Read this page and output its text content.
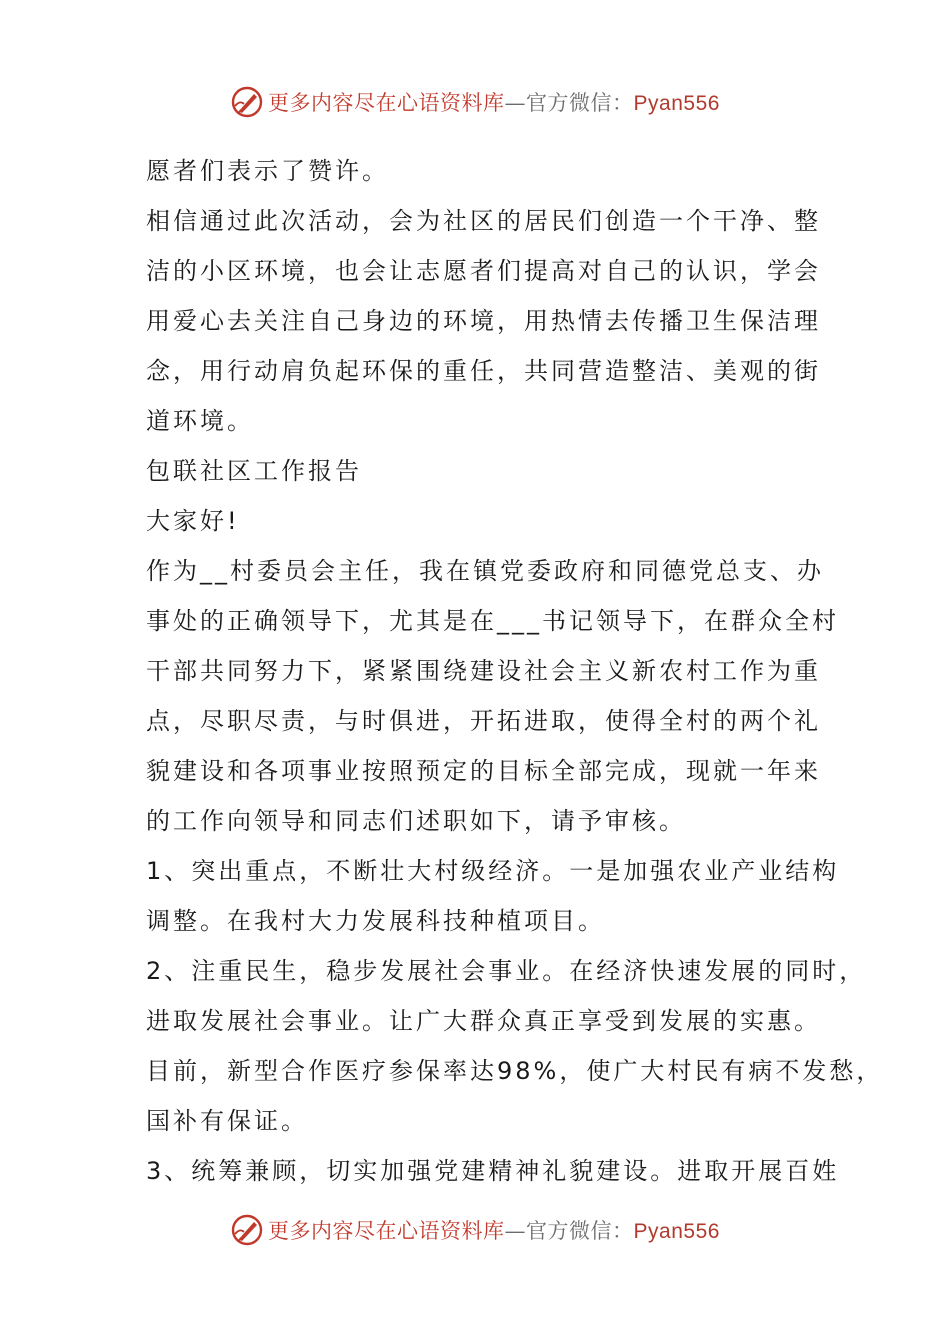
更多内容尽在心语资料库—官方微信：Pyan556
愿者们表示了赞许。
相信通过此次活动，会为社区的居民们创造一个干净、整
洁的小区环境，也会让志愿者们提高对自己的认识，学会
用爱心去关注自己身边的环境，用热情去传播卫生保洁理
念，用行动肩负起环保的重任，共同营造整洁、美观的街
道环境。
包联社区工作报告
大家好!
作为__村委员会主任，我在镇党委政府和同德党总支、办
事处的正确领导下，尤其是在___书记领导下，在群众全村
干部共同努力下，紧紧围绕建设社会主义新农村工作为重
点，尽职尽责，与时俱进，开拓进取，使得全村的两个礼
貌建设和各项事业按照预定的目标全部完成，现就一年来
的工作向领导和同志们述职如下，请予审核。
1、突出重点，不断壮大村级经济。一是加强农业产业结构
调整。在我村大力发展科技种植项目。
2、注重民生，稳步发展社会事业。在经济快速发展的同时，
进取发展社会事业。让广大群众真正享受到发展的实惠。
目前，新型合作医疗参保率达98%，使广大村民有病不发愁，
国补有保证。
3、统筹兼顾，切实加强党建精神礼貌建设。进取开展百姓
更多内容尽在心语资料库—官方微信：Pyan556
